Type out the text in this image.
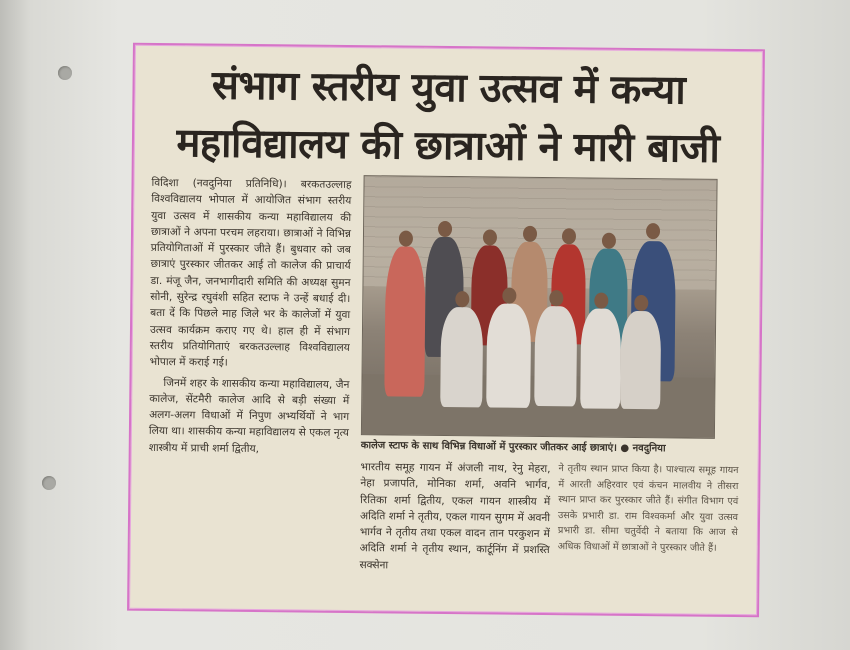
संभाग स्तरीय युवा उत्सव में कन्या
महाविद्यालय की छात्राओं ने मारी बाजी

विदिशा (नवदुनिया प्रतिनिधि)। बरकतउल्लाह विश्वविद्यालय भोपाल में आयोजित संभाग स्तरीय युवा उत्सव में शासकीय कन्या महाविद्यालय की छात्राओं ने अपना परचम लहराया। छात्राओं ने विभिन्न प्रतियोगिताओं में पुरस्कार जीते हैं। बुधवार को जब छात्राएं पुरस्कार जीतकर आई तो कालेज की प्राचार्य डा. मंजू जैन, जनभागीदारी समिति की अध्यक्ष सुमन सोनी, सुरेन्द्र रघुवंशी सहित स्टाफ ने उन्हें बधाई दी। बता दें कि पिछले माह जिले भर के कालेजों में युवा उत्सव कार्यक्रम कराए गए थे। हाल ही में संभाग स्तरीय प्रतियोगिताएं बरकतउल्लाह विश्वविद्यालय भोपाल में कराई गई।

जिनमें शहर के शासकीय कन्या महाविद्यालय, जैन कालेज, सेंटमैरी कालेज आदि से बड़ी संख्या में अलग-अलग विधाओं में निपुण अभ्यर्थियों ने भाग लिया था। शासकीय कन्या महाविद्यालय से एकल नृत्य शास्त्रीय में प्राची शर्मा द्वितीय,	कालेज स्टाफ के साथ विभिन्न विधाओं में पुरस्कार जीतकर आई छात्राएं। ● नवदुनिया
भारतीय समूह गायन में अंजली नाथ, रेनु मेहरा, नेहा प्रजापति, मोनिका शर्मा, अवनि भार्गव, रितिका शर्मा द्वितीय, एकल गायन शास्त्रीय में अदिति शर्मा ने तृतीय, एकल गायन सुगम में अवनी भार्गव ने तृतीय तथा एकल वादन तान परकुशन में अदिति शर्मा ने तृतीय स्थान, कार्टूनिंग में प्रशस्ति सक्सेना
ने तृतीय स्थान प्राप्त किया है। पाश्चात्य समूह गायन में आरती अहिरवार एवं कंचन मालवीय ने तीसरा स्थान प्राप्त कर पुरस्कार जीते हैं। संगीत विभाग एवं उसके प्रभारी डा. राम विश्वकर्मा और युवा उत्सव प्रभारी डा. सीमा चतुर्वेदी ने बताया कि आज से अधिक विधाओं में छात्राओं ने पुरस्कार जीते हैं।
